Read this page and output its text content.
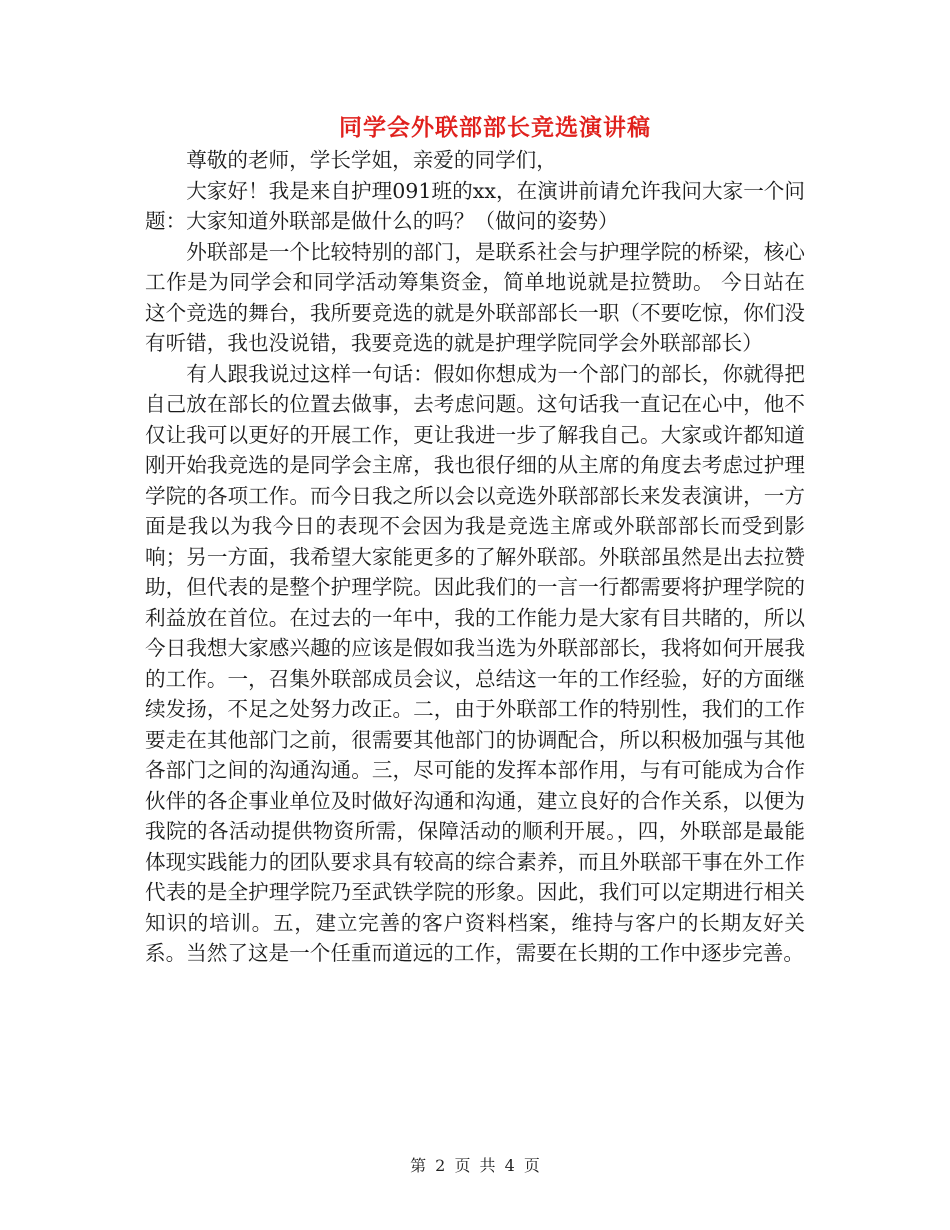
同学会外联部部长竞选演讲稿

尊敬的老师，学长学姐，亲爱的同学们，

大家好！我是来自护理091班的xx，在演讲前请允许我问大家一个问题：大家知道外联部是做什么的吗？（做问的姿势）

外联部是一个比较特别的部门，是联系社会与护理学院的桥梁，核心工作是为同学会和同学活动筹集资金，简单地说就是拉赞助。 今日站在这个竞选的舞台，我所要竞选的就是外联部部长一职（不要吃惊，你们没有听错，我也没说错，我要竞选的就是护理学院同学会外联部部长）

有人跟我说过这样一句话：假如你想成为一个部门的部长，你就得把自己放在部长的位置去做事，去考虑问题。这句话我一直记在心中，他不仅让我可以更好的开展工作，更让我进一步了解我自己。大家或许都知道刚开始我竞选的是同学会主席，我也很仔细的从主席的角度去考虑过护理学院的各项工作。而今日我之所以会以竞选外联部部长来发表演讲，一方面是我以为我今日的表现不会因为我是竞选主席或外联部部长而受到影响；另一方面，我希望大家能更多的了解外联部。外联部虽然是出去拉赞助，但代表的是整个护理学院。因此我们的一言一行都需要将护理学院的利益放在首位。在过去的一年中，我的工作能力是大家有目共睹的，所以今日我想大家感兴趣的应该是假如我当选为外联部部长，我将如何开展我的工作。一，召集外联部成员会议，总结这一年的工作经验，好的方面继续发扬，不足之处努力改正。二，由于外联部工作的特别性，我们的工作要走在其他部门之前，很需要其他部门的协调配合，所以积极加强与其他各部门之间的沟通沟通。三，尽可能的发挥本部作用，与有可能成为合作伙伴的各企事业单位及时做好沟通和沟通，建立良好的合作关系，以便为我院的各活动提供物资所需，保障活动的顺利开展。，四，外联部是最能体现实践能力的团队要求具有较高的综合素养，而且外联部干事在外工作代表的是全护理学院乃至武铁学院的形象。因此，我们可以定期进行相关知识的培训。五，建立完善的客户资料档案，维持与客户的长期友好关系。当然了这是一个任重而道远的工作，需要在长期的工作中逐步完善。

第 2 页 共 4 页
